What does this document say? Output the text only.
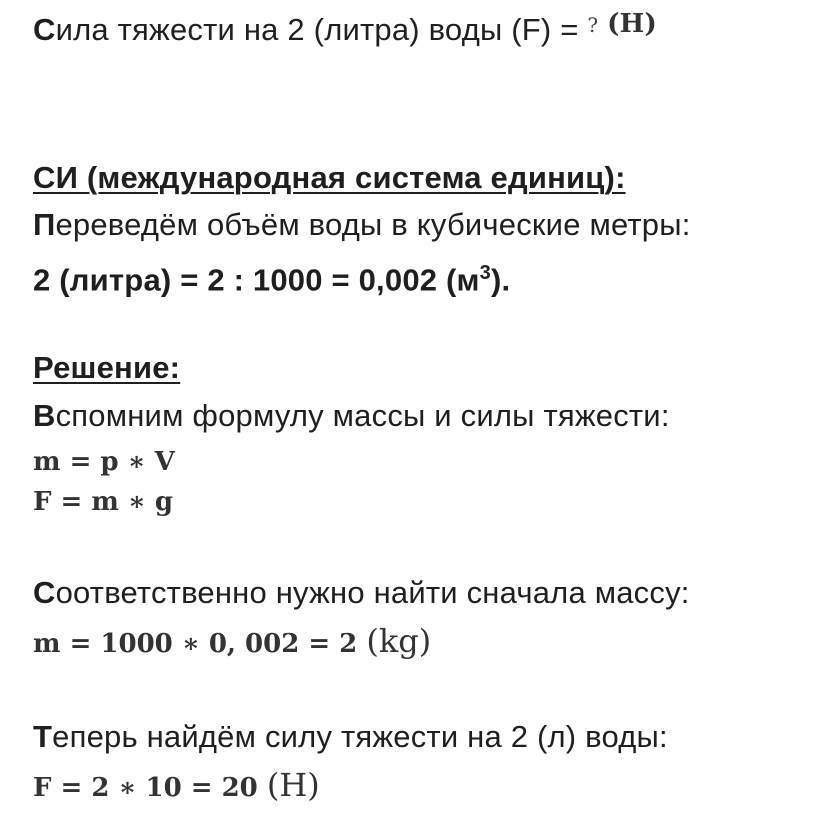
Сила тяжести на 2 (литра) воды (F) = ? $^{(Н)}$
СИ (международная система единиц):
Переведём объём воды в кубические метры:
2 (литра) = 2 : 1000 = 0,002 $(м^3)$.
Решение:
Вспомним формулу массы и силы тяжести:
m = p ∗ V
F = m ∗ g
Соответственно нужно найти сначала массу:
m = 1000 ∗ 0, 002 = 2 (kg)
Теперь найдём силу тяжести на 2 (л) воды:
F = 2 ∗ 10 = 20 (Н)
